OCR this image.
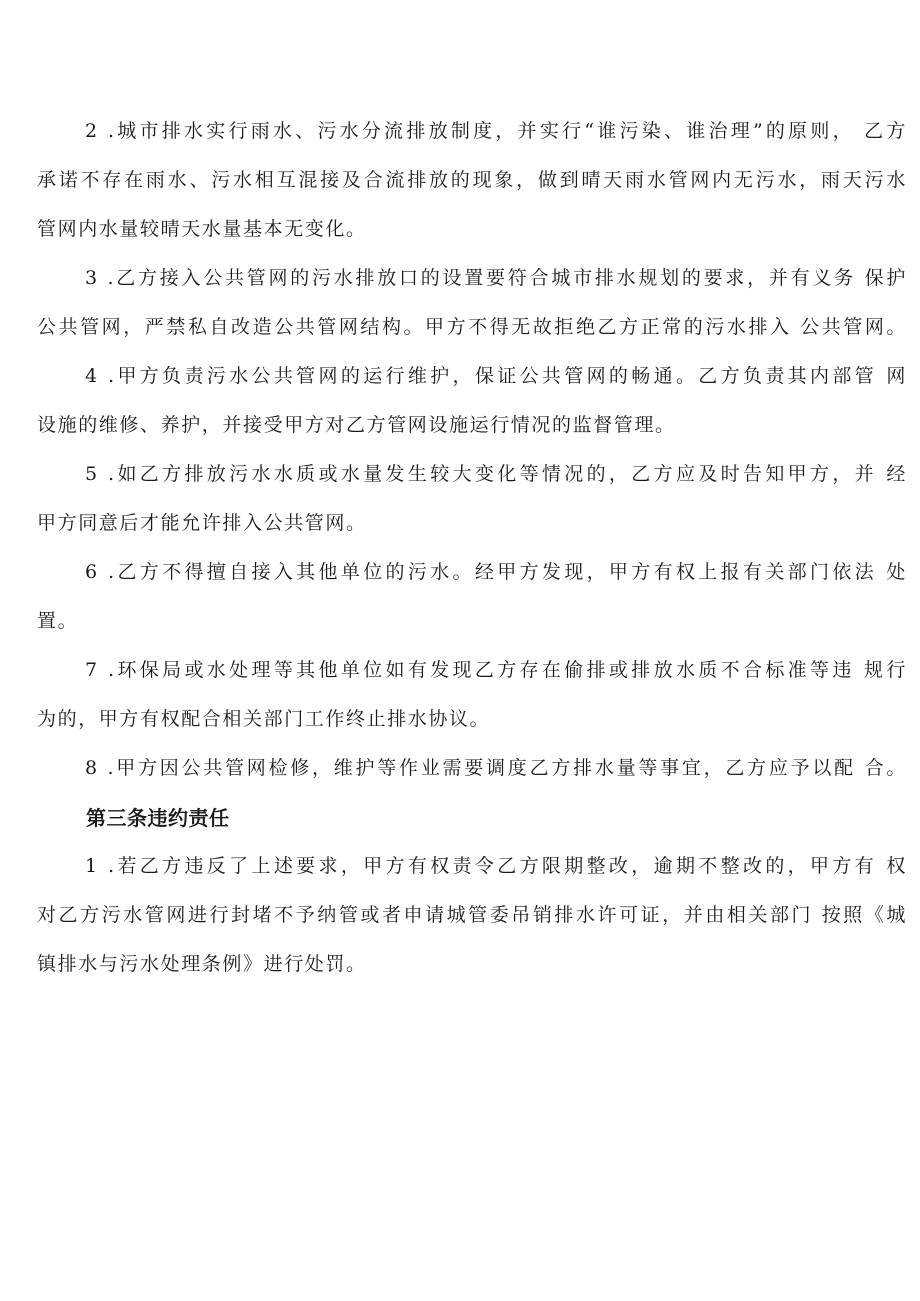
2 .城市排水实行雨水、污水分流排放制度，并实行“谁污染、谁治理”的原则， 乙方
承诺不存在雨水、污水相互混接及合流排放的现象，做到晴天雨水管网内无污水，雨天污水
管网内水量较晴天水量基本无变化。
3 .乙方接入公共管网的污水排放口的设置要符合城市排水规划的要求，并有义务 保护
公共管网，严禁私自改造公共管网结构。甲方不得无故拒绝乙方正常的污水排入 公共管网。
4 .甲方负责污水公共管网的运行维护，保证公共管网的畅通。乙方负责其内部管 网
设施的维修、养护，并接受甲方对乙方管网设施运行情况的监督管理。
5 .如乙方排放污水水质或水量发生较大变化等情况的，乙方应及时告知甲方，并 经
甲方同意后才能允许排入公共管网。
6 .乙方不得擅自接入其他单位的污水。经甲方发现，甲方有权上报有关部门依法 处
置。
7 .环保局或水处理等其他单位如有发现乙方存在偷排或排放水质不合标准等违 规行
为的，甲方有权配合相关部门工作终止排水协议。
8 .甲方因公共管网检修，维护等作业需要调度乙方排水量等事宜，乙方应予以配 合。
第三条违约责任
1 .若乙方违反了上述要求，甲方有权责令乙方限期整改，逾期不整改的，甲方有 权
对乙方污水管网进行封堵不予纳管或者申请城管委吊销排水许可证，并由相关部门 按照《城
镇排水与污水处理条例》进行处罚。
